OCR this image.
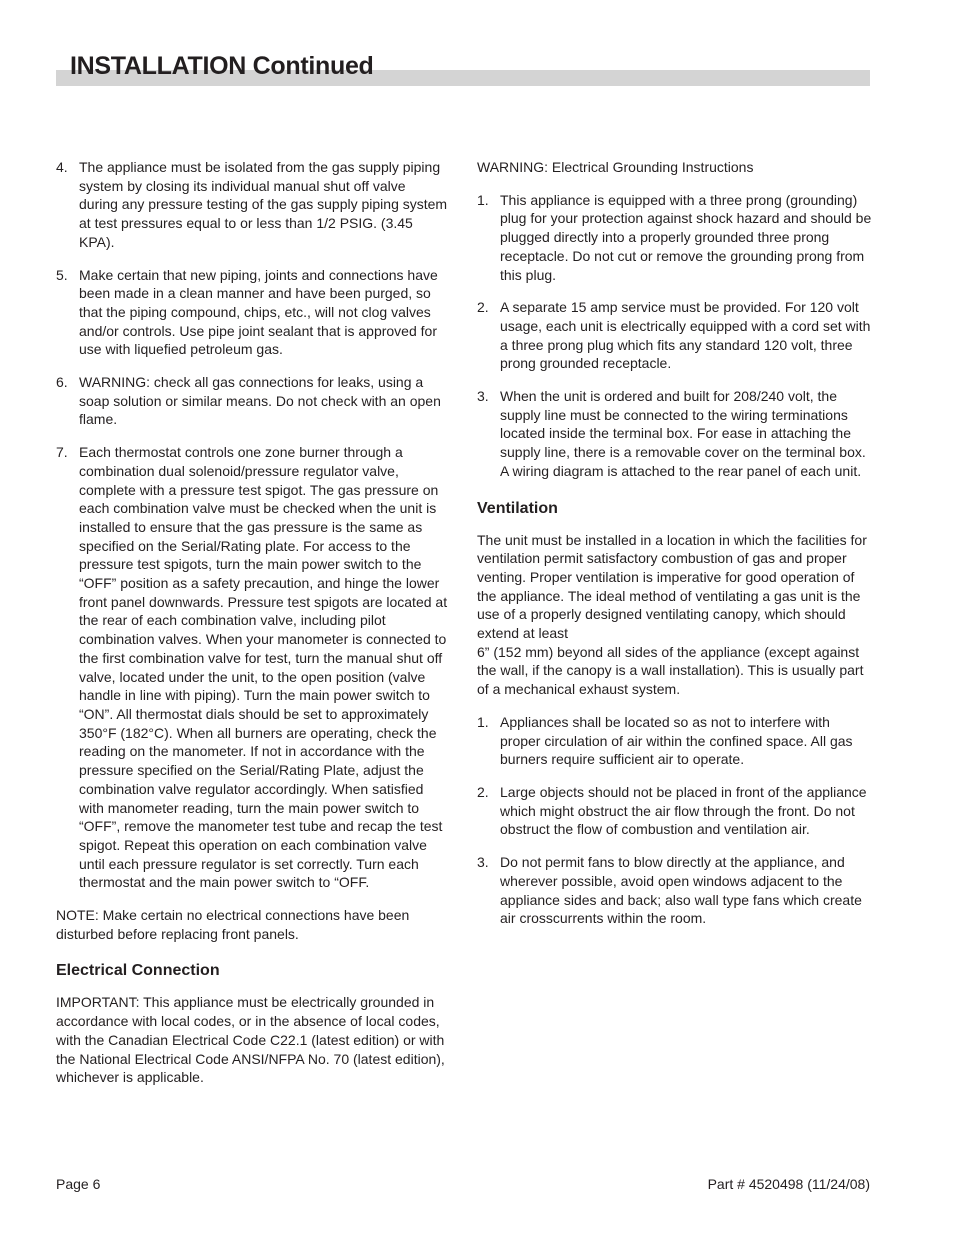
INSTALLATION Continued
4. The appliance must be isolated from the gas supply piping system by closing its individual manual shut off valve during any pressure testing of the gas supply piping system at test pressures equal to or less than 1/2 PSIG. (3.45 KPA).
5. Make certain that new piping, joints and connections have been made in a clean manner and have been purged, so that the piping compound, chips, etc., will not clog valves and/or controls. Use pipe joint sealant that is approved for use with liquefied petroleum gas.
6. WARNING: check all gas connections for leaks, using a soap solution or similar means. Do not check with an open flame.
7. Each thermostat controls one zone burner through a combination dual solenoid/pressure regulator valve, complete with a pressure test spigot. The gas pressure on each combination valve must be checked when the unit is installed to ensure that the gas pressure is the same as specified on the Serial/Rating plate. For access to the pressure test spigots, turn the main power switch to the “OFF” position as a safety precaution, and hinge the lower front panel downwards. Pressure test spigots are located at the rear of each combination valve, including pilot combination valves. When your manometer is connected to the first combination valve for test, turn the manual shut off valve, located under the unit, to the open position (valve handle in line with piping). Turn the main power switch to “ON”. All thermostat dials should be set to approximately 350°F (182°C). When all burners are operating, check the reading on the manometer. If not in accordance with the pressure specified on the Serial/Rating Plate, adjust the combination valve regulator accordingly. When satisfied with manometer reading, turn the main power switch to “OFF”, remove the manometer test tube and recap the test spigot. Repeat this operation on each combination valve until each pressure regulator is set correctly. Turn each thermostat and the main power switch to “OFF.

NOTE: Make certain no electrical connections have been disturbed before replacing front panels.

Electrical Connection

IMPORTANT: This appliance must be electrically grounded in accordance with local codes, or in the absence of local codes, with the Canadian Electrical Code C22.1 (latest edition) or with the National Electrical Code ANSI/NFPA No. 70 (latest edition), whichever is applicable.

WARNING: Electrical Grounding Instructions

1. This appliance is equipped with a three prong (grounding) plug for your protection against shock hazard and should be plugged directly into a properly grounded three prong receptacle. Do not cut or remove the grounding prong from this plug.
2. A separate 15 amp service must be provided. For 120 volt usage, each unit is electrically equipped with a cord set with a three prong plug which fits any standard 120 volt, three prong grounded receptacle.
3. When the unit is ordered and built for 208/240 volt, the supply line must be connected to the wiring terminations located inside the terminal box. For ease in attaching the supply line, there is a removable cover on the terminal box. A wiring diagram is attached to the rear panel of each unit.
Ventilation

The unit must be installed in a location in which the facilities for ventilation permit satisfactory combustion of gas and proper venting. Proper ventilation is imperative for good operation of the appliance. The ideal method of ventilating a gas unit is the use of a properly designed ventilating canopy, which should extend at least

6” (152 mm) beyond all sides of the appliance (except against the wall, if the canopy is a wall installation). This is usually part of a mechanical exhaust system.

1. Appliances shall be located so as not to interfere with proper circulation of air within the confined space. All gas burners require sufficient air to operate.
2. Large objects should not be placed in front of the appliance which might obstruct the air flow through the front. Do not obstruct the flow of combustion and ventilation air.
3. Do not permit fans to blow directly at the appliance, and wherever possible, avoid open windows adjacent to the appliance sides and back; also wall type fans which create air crosscurrents within the room.
Page 6	Part # 4520498 (11/24/08)
